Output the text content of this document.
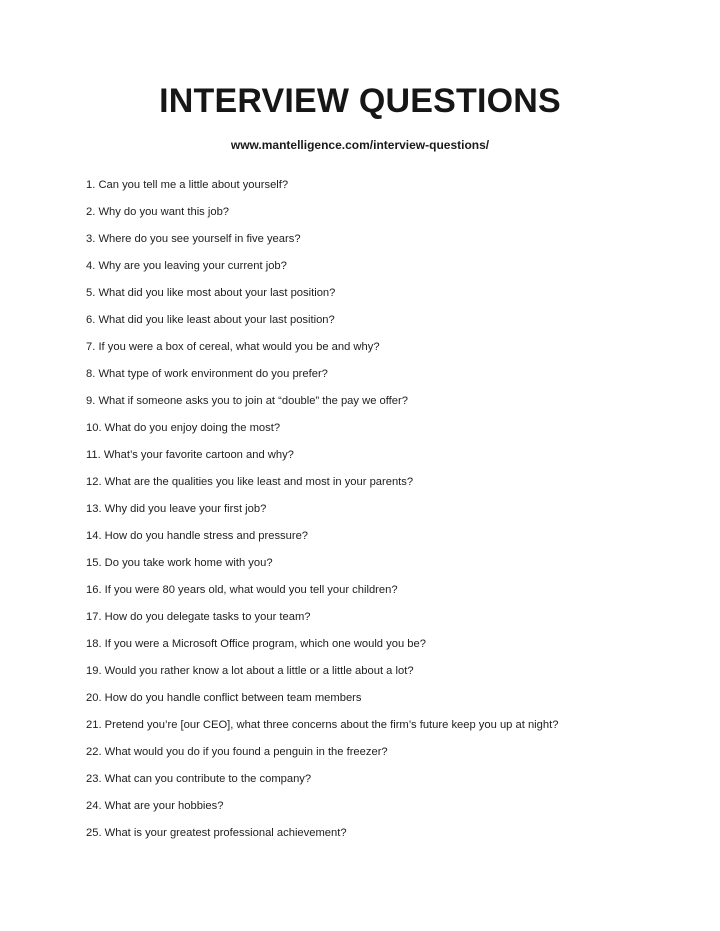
INTERVIEW QUESTIONS
www.mantelligence.com/interview-questions/
1. Can you tell me a little about yourself?
2. Why do you want this job?
3. Where do you see yourself in five years?
4. Why are you leaving your current job?
5. What did you like most about your last position?
6. What did you like least about your last position?
7. If you were a box of cereal, what would you be and why?
8. What type of work environment do you prefer?
9. What if someone asks you to join at “double” the pay we offer?
10. What do you enjoy doing the most?
11. What’s your favorite cartoon and why?
12. What are the qualities you like least and most in your parents?
13. Why did you leave your first job?
14. How do you handle stress and pressure?
15. Do you take work home with you?
16. If you were 80 years old, what would you tell your children?
17. How do you delegate tasks to your team?
18. If you were a Microsoft Office program, which one would you be?
19. Would you rather know a lot about a little or a little about a lot?
20. How do you handle conflict between team members
21. Pretend you’re [our CEO], what three concerns about the firm’s future keep you up at night?
22. What would you do if you found a penguin in the freezer?
23. What can you contribute to the company?
24. What are your hobbies?
25. What is your greatest professional achievement?
